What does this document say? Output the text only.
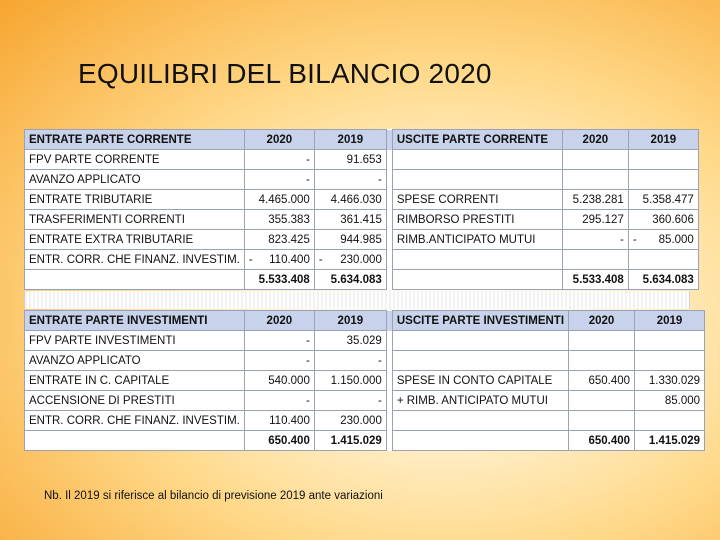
EQUILIBRI DEL BILANCIO 2020
ENTRATE PARTE CORRENTE	2020	2019		USCITE PARTE CORRENTE	2020	2019
FPV PARTE CORRENTE	-	91.653				
AVANZO APPLICATO	-	-				
ENTRATE TRIBUTARIE	4.465.000	4.466.030		SPESE CORRENTI	5.238.281	5.358.477
TRASFERIMENTI CORRENTI	355.383	361.415		RIMBORSO PRESTITI	295.127	360.606
ENTRATE EXTRA TRIBUTARIE	823.425	944.985		RIMB.ANTICIPATO MUTUI	-	- 85.000
ENTR. CORR. CHE FINANZ. INVESTIM.	- 110.400	- 230.000				
	5.533.408	5.634.083			5.533.408	5.634.083
ENTRATE PARTE INVESTIMENTI	2020	2019		USCITE PARTE INVESTIMENTI	2020	2019
FPV PARTE INVESTIMENTI	-	35.029				
AVANZO APPLICATO	-	-				
ENTRATE IN C. CAPITALE	540.000	1.150.000		SPESE IN CONTO CAPITALE	650.400	1.330.029
ACCENSIONE DI PRESTITI	-	-		+ RIMB. ANTICIPATO MUTUI		85.000
ENTR. CORR. CHE FINANZ. INVESTIM.	110.400	230.000				
	650.400	1.415.029			650.400	1.415.029
Nb. Il 2019 si riferisce al bilancio di previsione 2019 ante variazioni
